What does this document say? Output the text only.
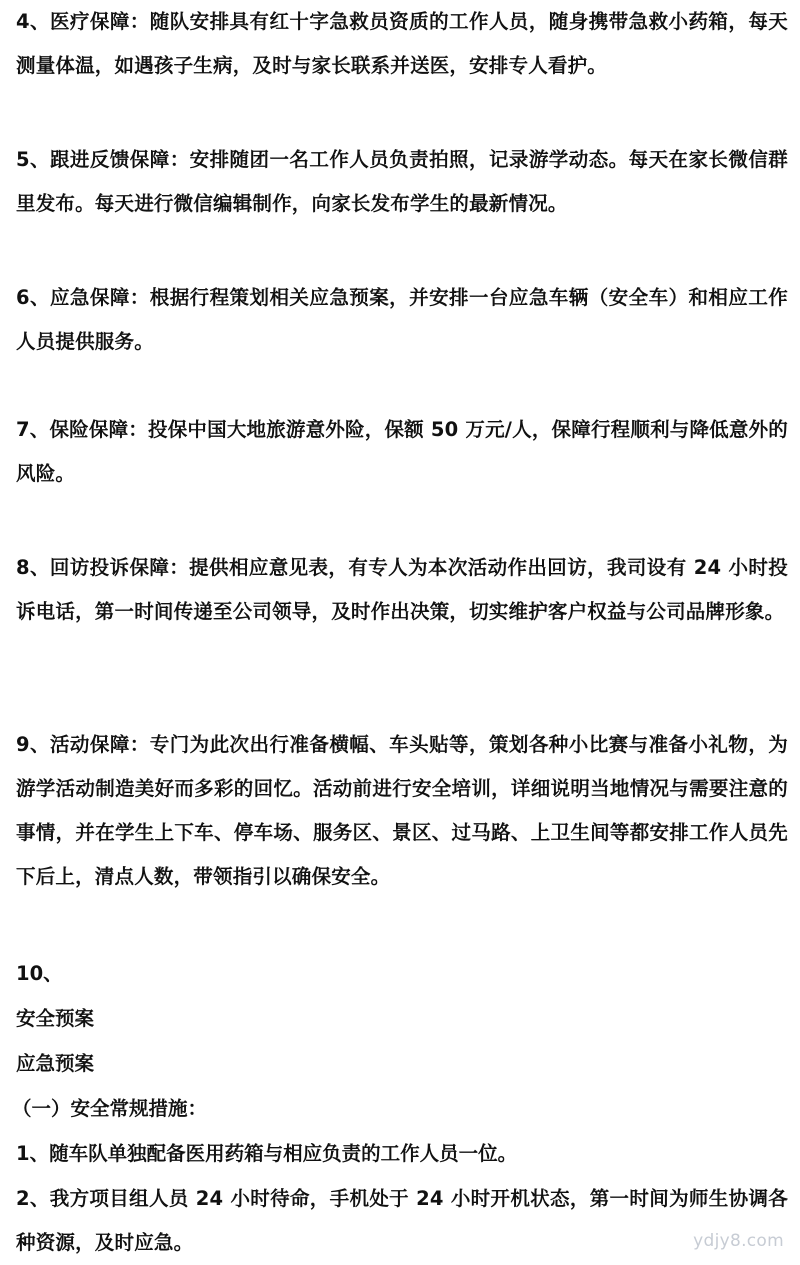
4、医疗保障：随队安排具有红十字急救员资质的工作人员，随身携带急救小药箱，每天测量体温，如遇孩子生病，及时与家长联系并送医，安排专人看护。

5、跟进反馈保障：安排随团一名工作人员负责拍照，记录游学动态。每天在家长微信群里发布。每天进行微信编辑制作，向家长发布学生的最新情况。

6、应急保障：根据行程策划相关应急预案，并安排一台应急车辆（安全车）和相应工作人员提供服务。

7、保险保障：投保中国大地旅游意外险，保额 50 万元/人，保障行程顺利与降低意外的风险。

8、回访投诉保障：提供相应意见表，有专人为本次活动作出回访，我司设有 24 小时投诉电话，第一时间传递至公司领导，及时作出决策，切实维护客户权益与公司品牌形象。

9、活动保障：专门为此次出行准备横幅、车头贴等，策划各种小比赛与准备小礼物，为游学活动制造美好而多彩的回忆。活动前进行安全培训，详细说明当地情况与需要注意的事情，并在学生上下车、停车场、服务区、景区、过马路、上卫生间等都安排工作人员先下后上，清点人数，带领指引以确保安全。

10、

安全预案

应急预案

（一）安全常规措施：

1、随车队单独配备医用药箱与相应负责的工作人员一位。

2、我方项目组人员 24 小时待命，手机处于 24 小时开机状态，第一时间为师生协调各种资源，及时应急。	ydjy8.com
